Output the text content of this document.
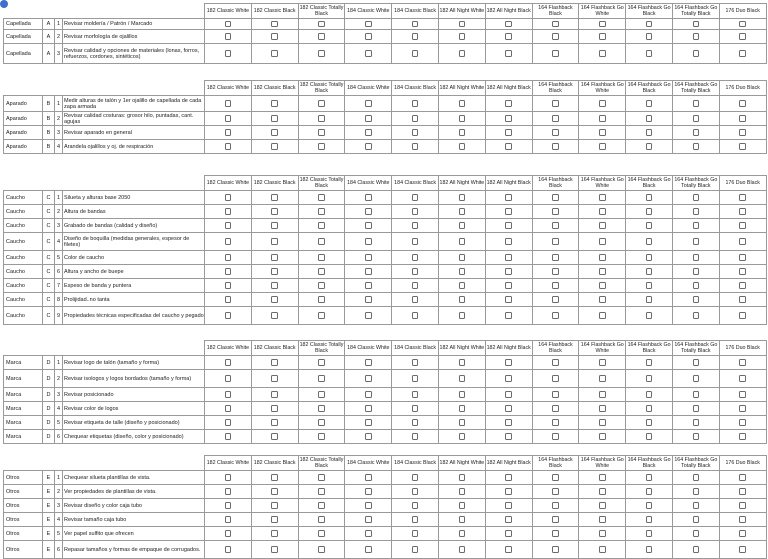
				182 Classic White	182 Classic Black	182 Classic Totally Black	184 Classic White	184 Classic Black	182 All Night White	182 All Night Black	164 Flashback Black	164 Flashback Go White	164 Flashback Go Black	164 Flashback Go Totally Black	176 Duo Black
Capellada	A	1	Revisar moldería / Patrón / Marcado												
Capellada	A	2	Revisar morfología de ojalillos												
Capellada	A	3	Revisar calidad y opciones de materiales (lonas, forros, refuerzos, cordones, sintéticos)												
				182 Classic White	182 Classic Black	182 Classic Totally Black	184 Classic White	184 Classic Black	182 All Night White	182 All Night Black	164 Flashback Black	164 Flashback Go White	164 Flashback Go Black	164 Flashback Go Totally Black	176 Duo Black
Aparado	B	1	Medir alturas de talón y 1er ojalillo de capellada de cada zapa armada												
Aparado	B	2	Revisar calidad costuras: grosor hilo, puntadas, cant. agujas												
Aparado	B	3	Revisar aparado en general												
Aparado	B	4	Arandela ojalillos y oj. de respiración												
				182 Classic White	182 Classic Black	182 Classic Totally Black	184 Classic White	184 Classic Black	182 All Night White	182 All Night Black	164 Flashback Black	164 Flashback Go White	164 Flashback Go Black	164 Flashback Go Totally Black	176 Duo Black
Caucho	C	1	Silueta y alturas base 2050												
Caucho	C	2	Altura de bandas												
Caucho	C	3	Grabado de bandas (calidad y diseño)												
Caucho	C	4	Diseño de boquilla (medidas generales, espesor de filetes)												
Caucho	C	5	Color de caucho												
Caucho	C	6	Altura y ancho de buepe												
Caucho	C	7	Espeso de banda y puntera												
Caucho	C	8	Prolijidad..no tanta												
Caucho	C	9	Propiedades técnicas especificadas del caucho y pegado												
				182 Classic White	182 Classic Black	182 Classic Totally Black	184 Classic White	184 Classic Black	182 All Night White	182 All Night Black	164 Flashback Black	164 Flashback Go White	164 Flashback Go Black	164 Flashback Go Totally Black	176 Duo Black
Marca	D	1	Revisar logo de talón (tamaño y forma)												
Marca	D	2	Revisar isologos y logos bordados (tamaño y forma)												
Marca	D	3	Revisar posicionado												
Marca	D	4	Revisar color de logos												
Marca	D	5	Revisar etiqueta de talle (diseño y posicionado)												
Marca	D	6	Chequear etiquetas (diseño, color y posicionado)												
				182 Classic White	182 Classic Black	182 Classic Totally Black	184 Classic White	184 Classic Black	182 All Night White	182 All Night Black	164 Flashback Black	164 Flashback Go White	164 Flashback Go Black	164 Flashback Go Totally Black	176 Duo Black
Otros	E	1	Chequear silueta plantillas de vista.												
Otros	E	2	Ver propiedades de plantillas de vista.												
Otros	E	3	Revisar diseño y color caja tubo												
Otros	E	4	Revisar tamaño caja tubo												
Otros	E	5	Ver papel sulfito que ofrecen												
Otros	E	6	Repasar tamaños y formas de empaque de corrugados.												
